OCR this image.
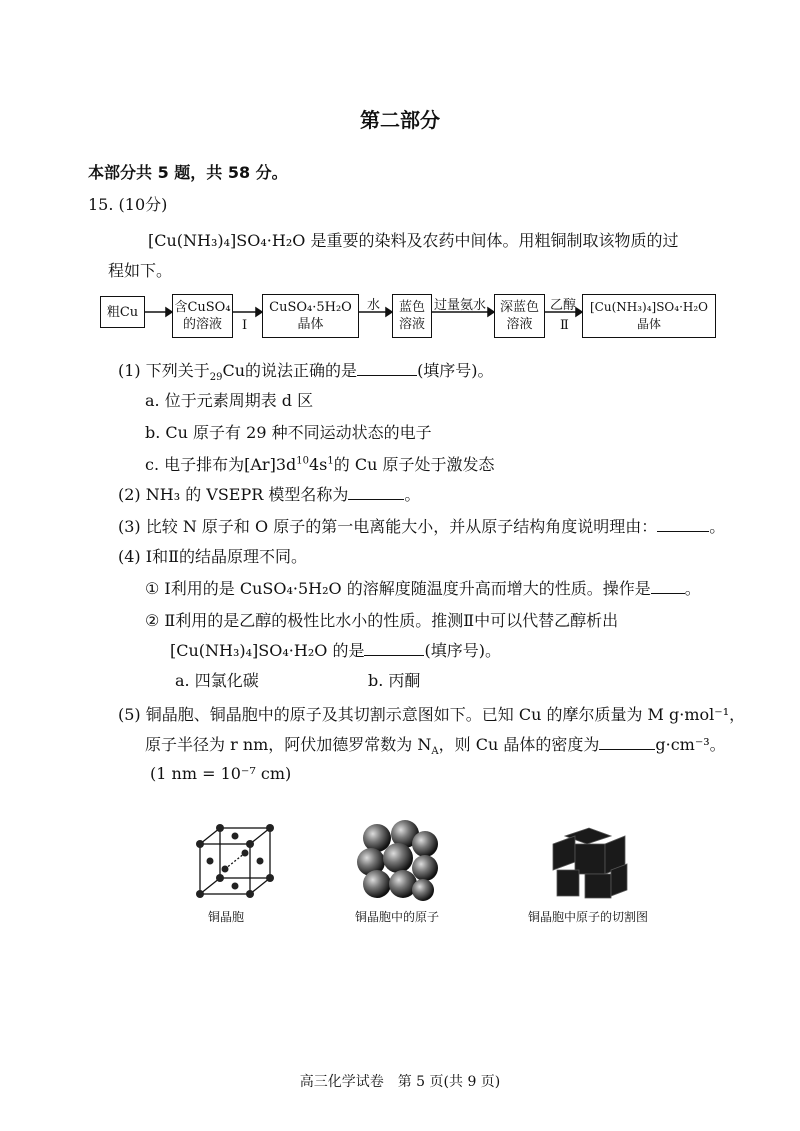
第二部分
本部分共 5 题，共 58 分。
15. (10分)
[Cu(NH₃)₄]SO₄·H₂O 是重要的染料及农药中间体。用粗铜制取该物质的过
程如下。
粗Cu	含CuSO₄
的溶液	Ⅰ
CuSO₄·5H₂O
晶体
水	蓝色
溶液
过量氨水	深蓝色
溶液
乙醇
Ⅱ
[Cu(NH₃)₄]SO₄·H₂O
晶体
(1) 下列关于$_{29}$Cu的说法正确的是	(填序号)。
a. 位于元素周期表 d 区
b. Cu 原子有 29 种不同运动状态的电子
c. 电子排布为$[Ar]3d^{10}4s^1$的 Cu 原子处于激发态
(2) NH₃ 的 VSEPR 模型名称为	。
(3) 比较 N 原子和 O 原子的第一电离能大小，并从原子结构角度说明理由：	。
(4) Ⅰ和Ⅱ的结晶原理不同。
① Ⅰ利用的是 CuSO₄·5H₂O 的溶解度随温度升高而增大的性质。操作是 。
② Ⅱ利用的是乙醇的极性比水小的性质。推测Ⅱ中可以代替乙醇析出
[Cu(NH₃)₄]SO₄·H₂O 的是	(填序号)。
a. 四氯化碳	b. 丙酮
(5) 铜晶胞、铜晶胞中的原子及其切割示意图如下。已知 Cu 的摩尔质量为 M g·mol⁻¹，
原子半径为 r nm，阿伏加德罗常数为 $N_A$，则 Cu 晶体的密度为	g·cm⁻³。
(1 nm = 10⁻⁷ cm)
铜晶胞	铜晶胞中的原子	铜晶胞中原子的切割图
高三化学试卷　第 5 页(共 9 页)
